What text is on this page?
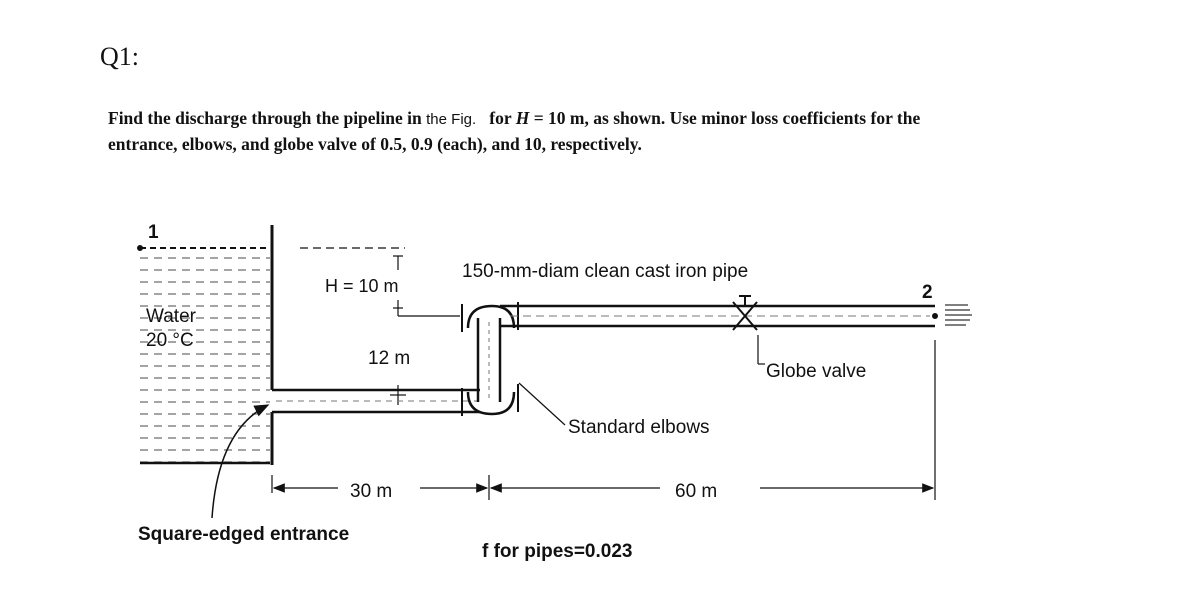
Q1:
Find the discharge through the pipeline in the Fig. for H = 10 m, as shown. Use minor loss coefficients for the
entrance, elbows, and globe valve of 0.5, 0.9 (each), and 10, respectively.
1
Water
20 °C
H = 10 m
12 m
2
150-mm-diam clean cast iron pipe
Globe valve
Standard elbows
30 m	60 m
Square-edged entrance
f for pipes=0.023
